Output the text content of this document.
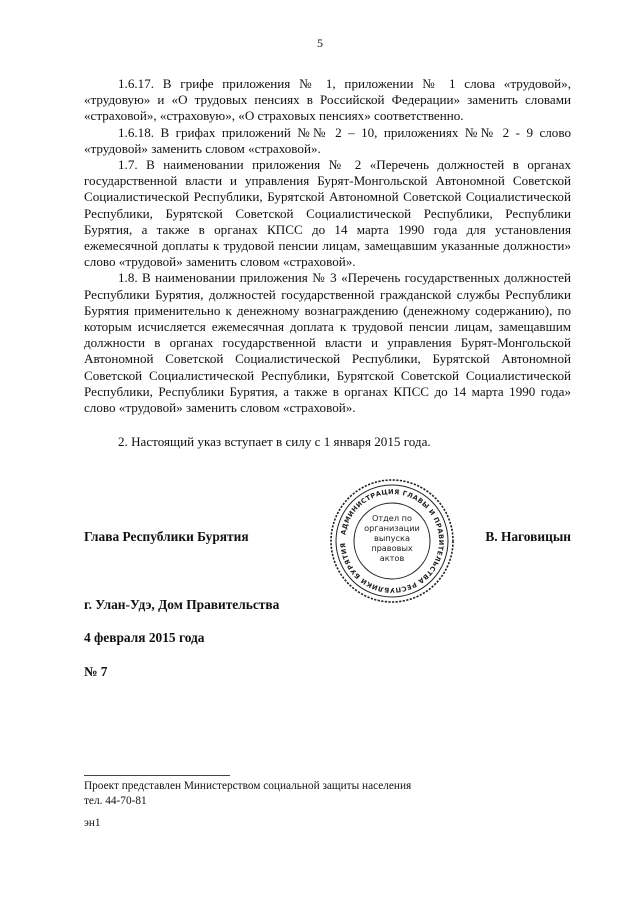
5

1.6.17. В грифе приложения № 1, приложении № 1 слова «трудовой», «трудовую» и «О трудовых пенсиях в Российской Федерации» заменить словами «страховой», «страховую», «О страховых пенсиях» соответственно.

1.6.18. В грифах приложений №№ 2 – 10, приложениях №№ 2 - 9 слово «трудовой» заменить словом «страховой».

1.7. В наименовании приложения № 2 «Перечень должностей в органах государственной власти и управления Бурят-Монгольской Автономной Советской Социалистической Республики, Бурятской Автономной Советской Социалистической Республики, Бурятской Советской Социалистической Республики, Республики Бурятия, а также в органах КПСС до 14 марта 1990 года для установления ежемесячной доплаты к трудовой пенсии лицам, замещавшим указанные должности» слово «трудовой» заменить словом «страховой».

1.8. В наименовании приложения № 3 «Перечень государственных должностей Республики Бурятия, должностей государственной гражданской службы Республики Бурятия применительно к денежному вознаграждению (денежному содержанию), по которым исчисляется ежемесячная доплата к трудовой пенсии лицам, замещавшим должности в органах государственной власти и управления Бурят-Монгольской Автономной Советской Социалистической Республики, Бурятской Автономной Советской Социалистической Республики, Бурятской Советской Социалистической Республики, Республики Бурятия, а также в органах КПСС до 14 марта 1990 года» слово «трудовой» заменить словом «страховой».

2. Настоящий указ вступает в силу с 1 января 2015 года.

Глава Республики Бурятия	В. Наговицын
АДМИНИСТРАЦИЯ ГЛАВЫ И ПРАВИТЕЛЬСТВА РЕСПУБЛИКИ БУРЯТИЯ
Отдел по
организации
выпуска
правовых
актов
г. Улан-Удэ, Дом Правительства
4 февраля 2015 года
№ 7
Проект представлен Министерством социальной защиты населения
тел. 44-70-81
эн1
